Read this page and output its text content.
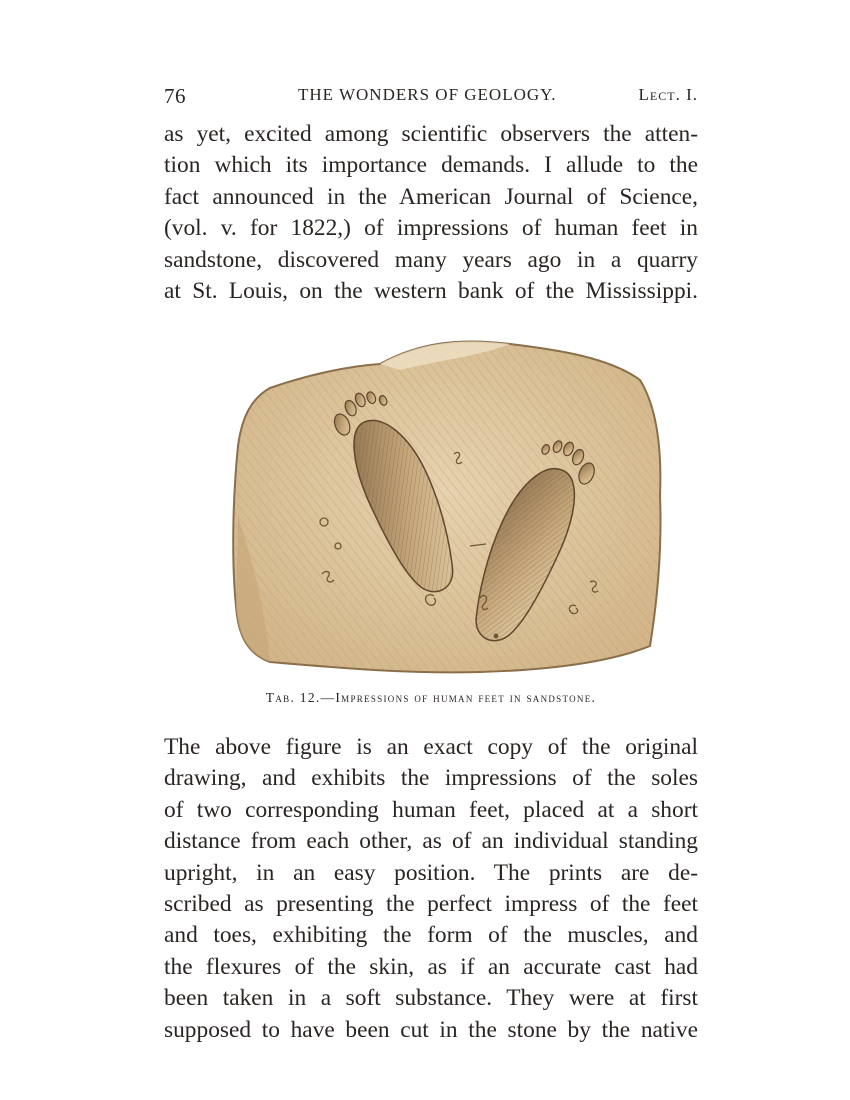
76	THE WONDERS OF GEOLOGY.	Lect. I.
as yet, excited among scientific observers the atten-
tion which its importance demands. I allude to the
fact announced in the American Journal of Science,
(vol. v. for 1822,) of impressions of human feet in
sandstone, discovered many years ago in a quarry
at St. Louis, on the western bank of the Mississippi.
Tab. 12.—Impressions of human feet in sandstone.
The above figure is an exact copy of the original
drawing, and exhibits the impressions of the soles
of two corresponding human feet, placed at a short
distance from each other, as of an individual standing
upright, in an easy position. The prints are de-
scribed as presenting the perfect impress of the feet
and toes, exhibiting the form of the muscles, and
the flexures of the skin, as if an accurate cast had
been taken in a soft substance. They were at first
supposed to have been cut in the stone by the native
